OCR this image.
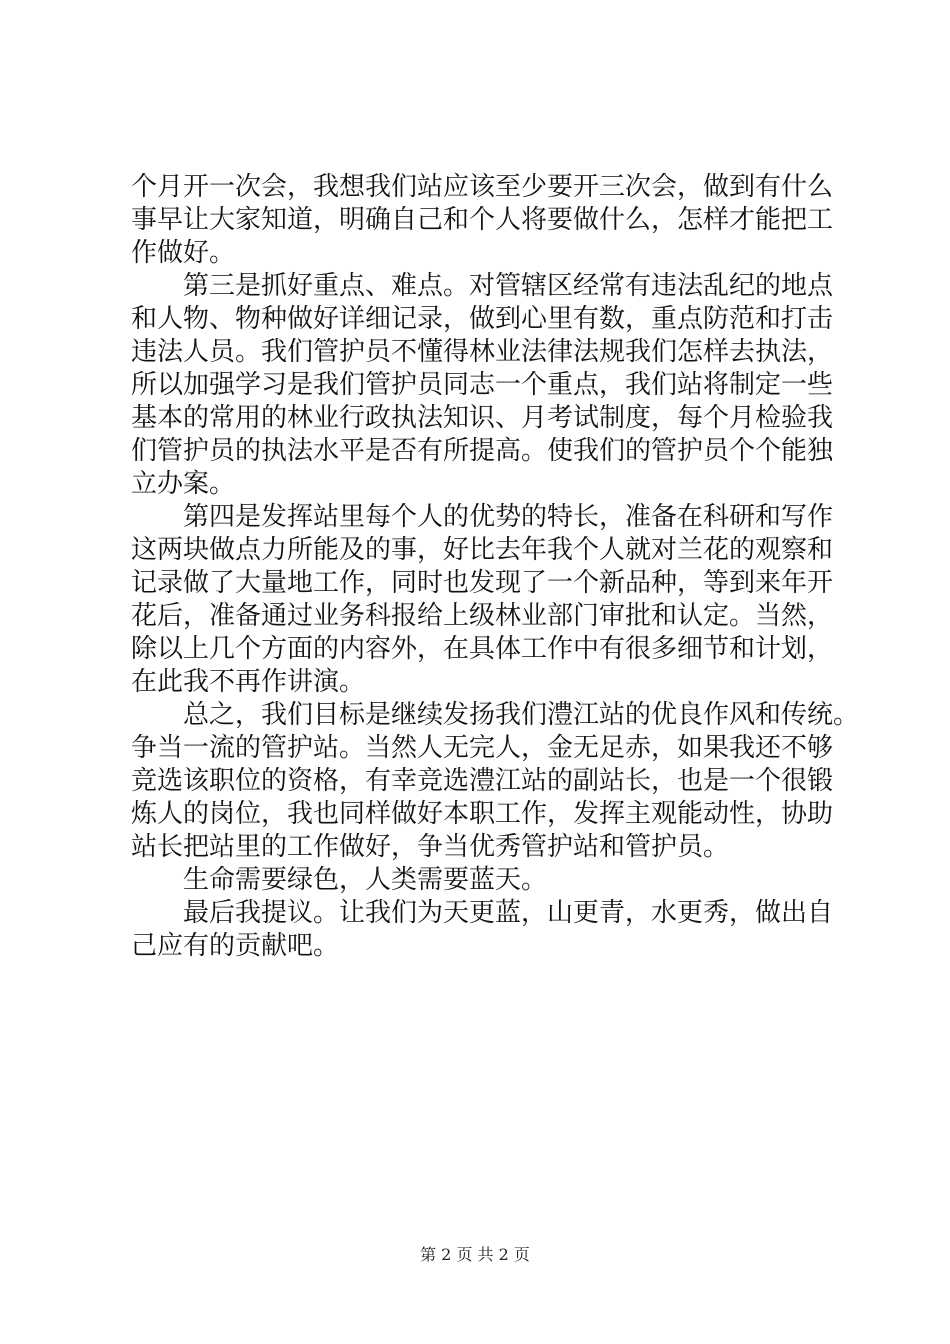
个月开一次会，我想我们站应该至少要开三次会，做到有什么
事早让大家知道，明确自己和个人将要做什么，怎样才能把工
作做好。
第三是抓好重点、难点。对管辖区经常有违法乱纪的地点
和人物、物种做好详细记录，做到心里有数，重点防范和打击
违法人员。我们管护员不懂得林业法律法规我们怎样去执法，
所以加强学习是我们管护员同志一个重点，我们站将制定一些
基本的常用的林业行政执法知识、月考试制度，每个月检验我
们管护员的执法水平是否有所提高。使我们的管护员个个能独
立办案。
第四是发挥站里每个人的优势的特长，准备在科研和写作
这两块做点力所能及的事，好比去年我个人就对兰花的观察和
记录做了大量地工作，同时也发现了一个新品种，等到来年开
花后，准备通过业务科报给上级林业部门审批和认定。当然，
除以上几个方面的内容外，在具体工作中有很多细节和计划，
在此我不再作讲演。
总之，我们目标是继续发扬我们澧江站的优良作风和传统。
争当一流的管护站。当然人无完人，金无足赤，如果我还不够
竞选该职位的资格，有幸竞选澧江站的副站长，也是一个很锻
炼人的岗位，我也同样做好本职工作，发挥主观能动性，协助
站长把站里的工作做好，争当优秀管护站和管护员。
生命需要绿色，人类需要蓝天。
最后我提议。让我们为天更蓝，山更青，水更秀，做出自
己应有的贡献吧。
第 2 页 共 2 页
